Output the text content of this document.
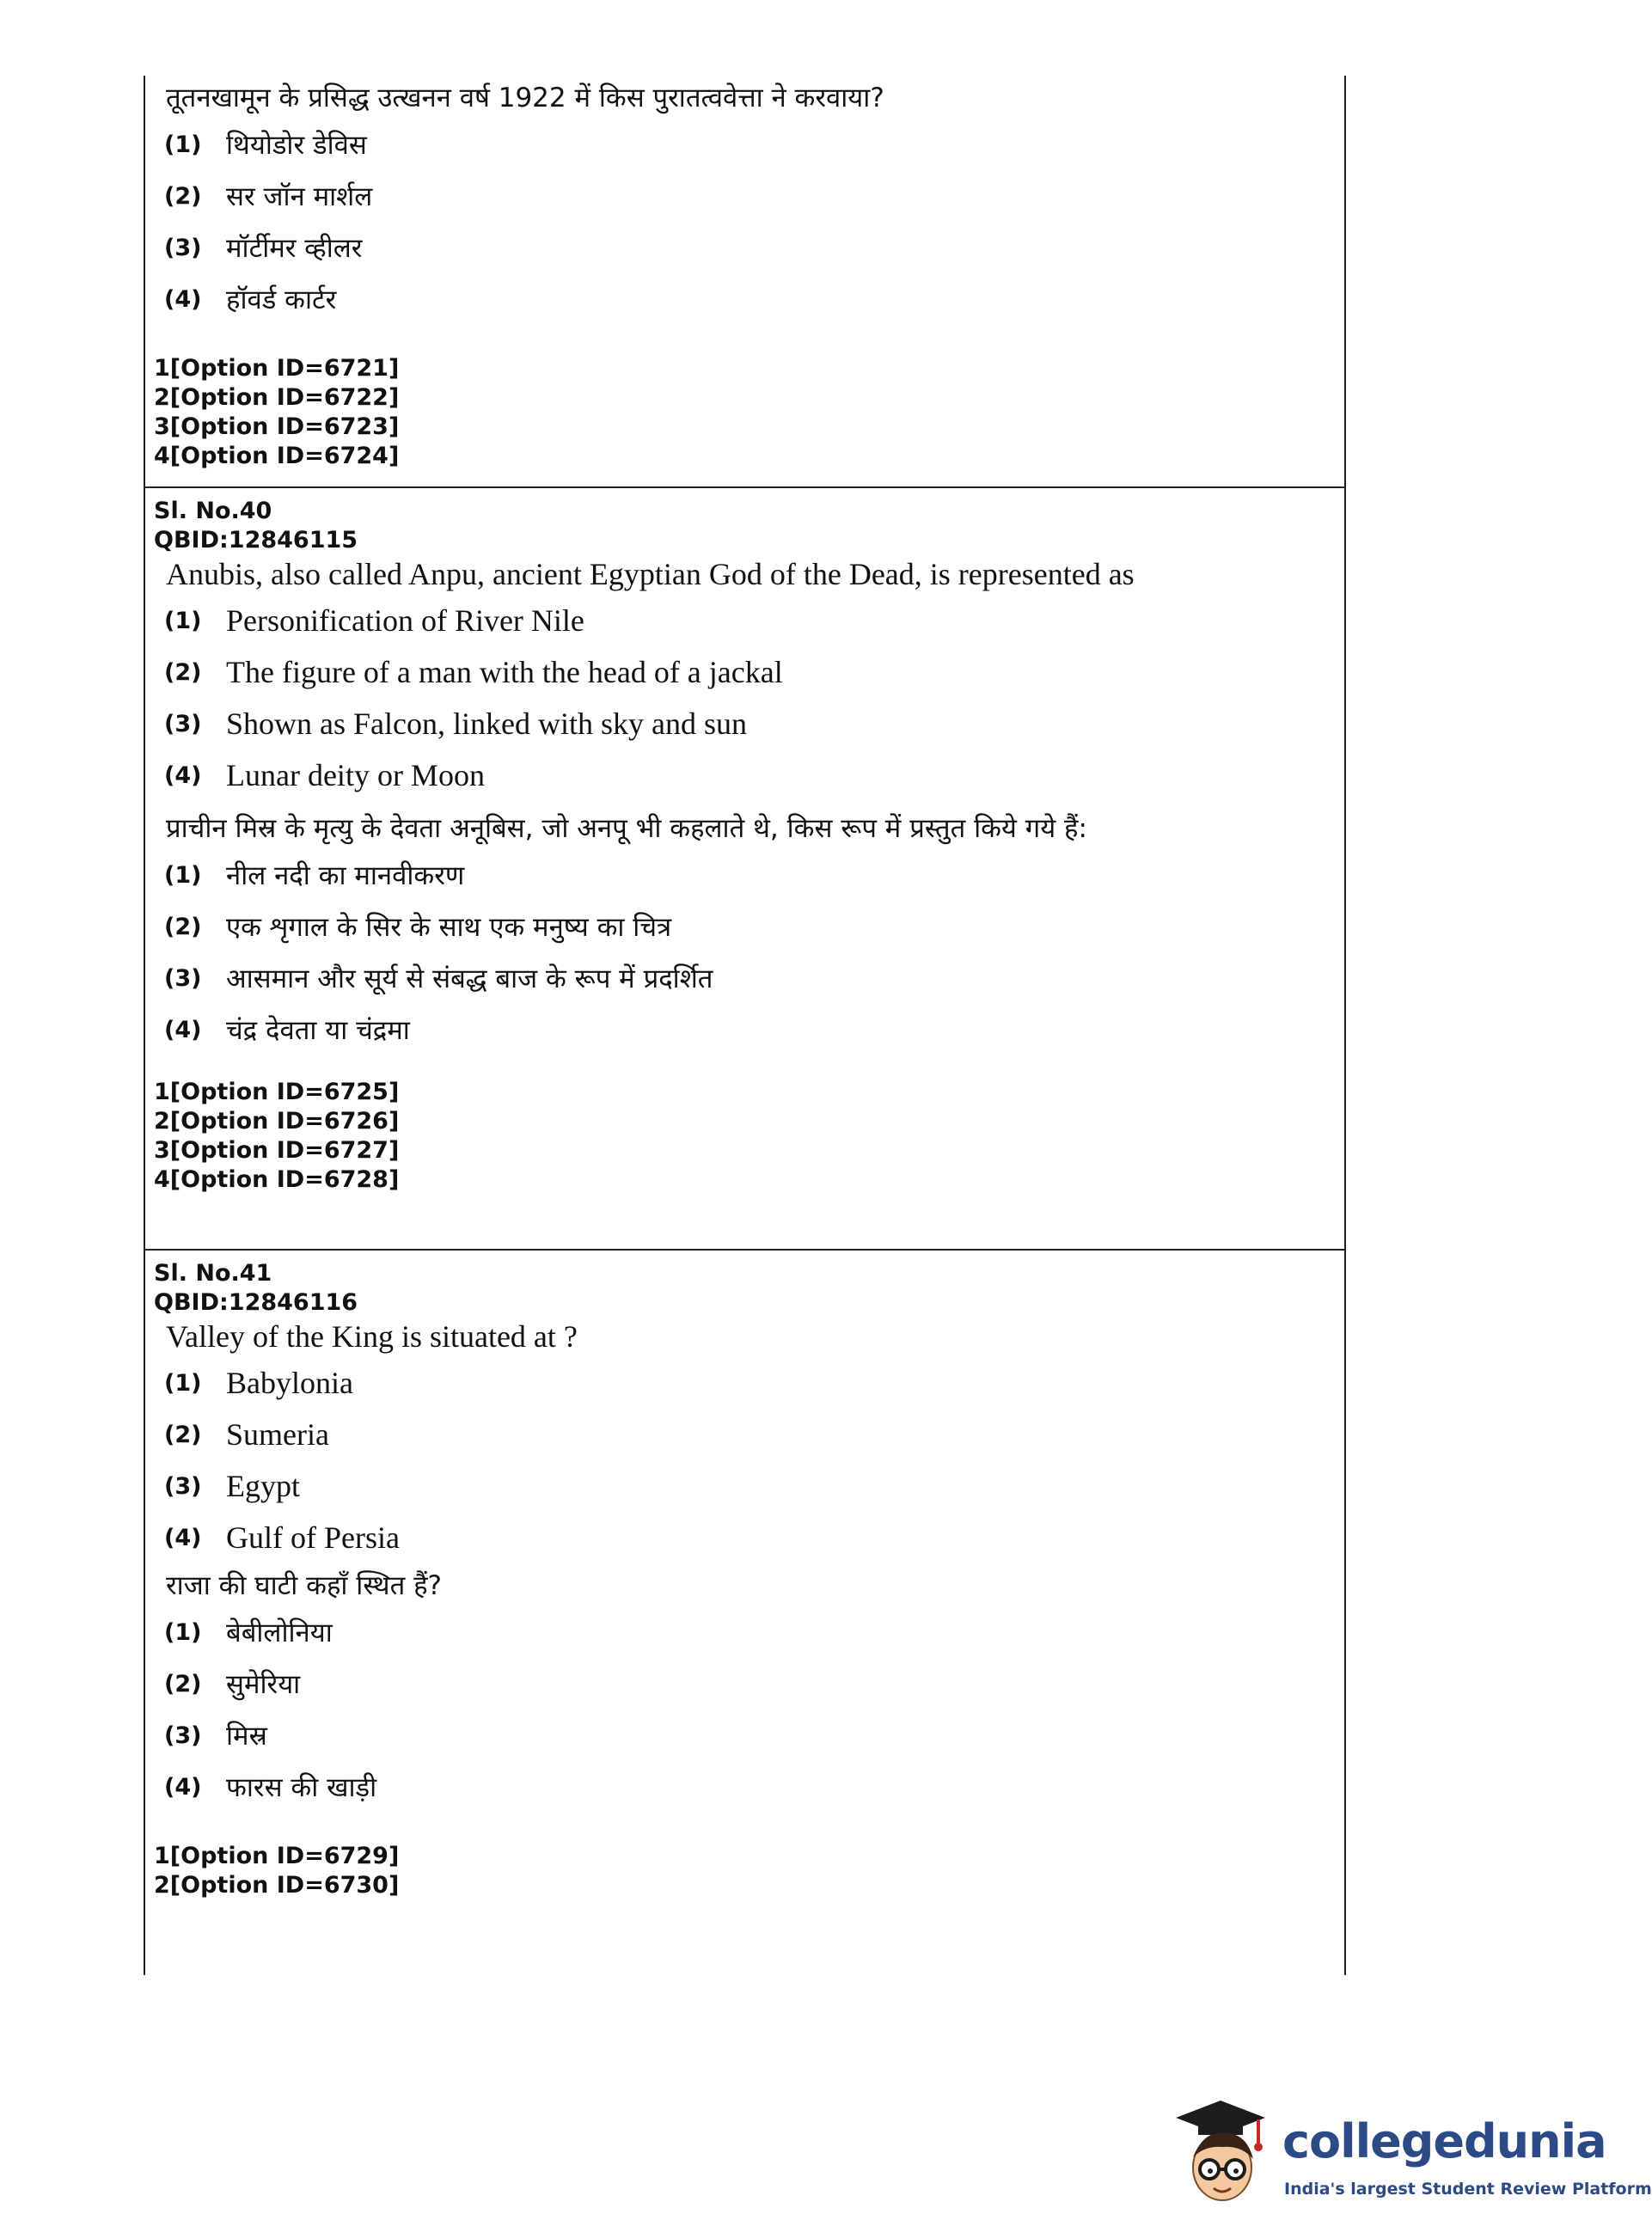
तूतनखामून के प्रसिद्ध उत्खनन वर्ष 1922 में किस पुरातत्ववेत्ता ने करवाया?
(1) थियोडोर डेविस
(2) सर जॉन मार्शल
(3) मॉर्टीमर व्हीलर
(4) हॉवर्ड कार्टर
1[Option ID=6721]
2[Option ID=6722]
3[Option ID=6723]
4[Option ID=6724]
Sl. No.40
QBID:12846115
Anubis, also called Anpu, ancient Egyptian God of the Dead, is represented as
(1) Personification of River Nile
(2) The figure of a man with the head of a jackal
(3) Shown as Falcon, linked with sky and sun
(4) Lunar deity or Moon
प्राचीन मिस्र के मृत्यु के देवता अनूबिस, जो अनपू भी कहलाते थे, किस रूप में प्रस्तुत किये गये हैं:
(1) नील नदी का मानवीकरण
(2) एक शृगाल के सिर के साथ एक मनुष्य का चित्र
(3) आसमान और सूर्य से संबद्ध बाज के रूप में प्रदर्शित
(4) चंद्र देवता या चंद्रमा
1[Option ID=6725]
2[Option ID=6726]
3[Option ID=6727]
4[Option ID=6728]
Sl. No.41
QBID:12846116
Valley of the King is situated at ?
(1) Babylonia
(2) Sumeria
(3) Egypt
(4) Gulf of Persia
राजा की घाटी कहाँ स्थित हैं?
(1) बेबीलोनिया
(2) सुमेरिया
(3) मिस्र
(4) फारस की खाड़ी
1[Option ID=6729]
2[Option ID=6730]
collegedunia
India's largest Student Review Platform
